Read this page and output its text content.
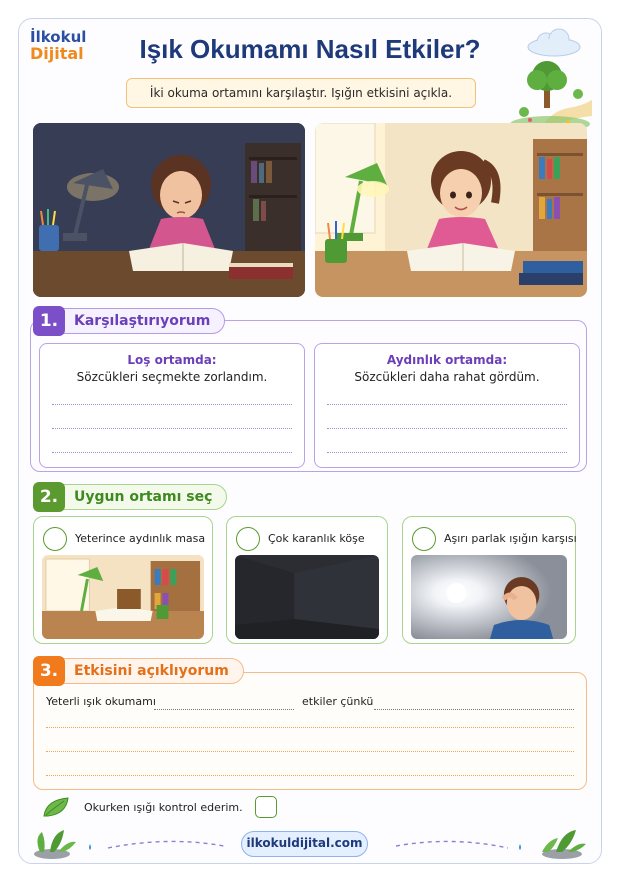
İlkokul
Dijital	Işık Okumamı Nasıl Etkiler?
İki okuma ortamını karşılaştır. Işığın etkisini açıkla.
1.	Karşılaştırıyorum
Loş ortamda:
Sözcükleri seçmekte zorlandım.
Aydınlık ortamda:
Sözcükleri daha rahat gördüm.
2.	Uygun ortamı seç
Yeterince aydınlık masa	Çok karanlık köşe	Aşırı parlak ışığın karşısı
Yeterli ışık okumamı	etkiler çünkü
3.	Etkisini açıklıyorum
Okurken ışığı kontrol ederim.
ilkokuldijital.com
